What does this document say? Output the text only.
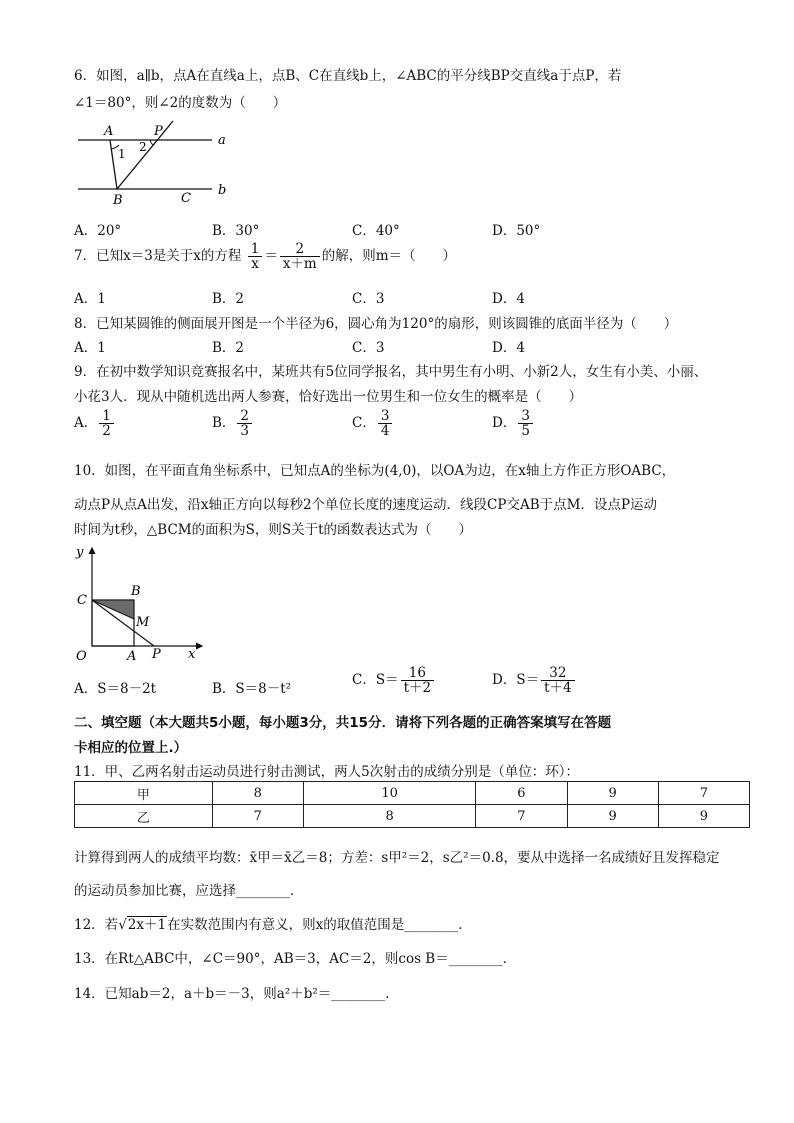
6．如图，a∥b，点A在直线a上，点B、C在直线b上，∠ABC的平分线BP交直线a于点P，若
∠1＝80°，则∠2的度数为（　　）
A	P
a
1 2
B	C
b
A．20°	B．30°	C．40°	D．50°
7．已知x＝3是关于x的方程 $\frac{1}{x} = \frac{2}{x+m}$ 的解，则m＝（　　）
A．1	B．2	C．3	D．4
8．已知某圆锥的侧面展开图是一个半径为6，圆心角为120°的扇形，则该圆锥的底面半径为（　　）
A．1	B．2	C．3	D．4
9．在初中数学知识竞赛报名中，某班共有5位同学报名，其中男生有小明、小新2人，女生有小美、小丽、
小花3人．现从中随机选出两人参赛，恰好选出一位男生和一位女生的概率是（　　）
A． $\frac{1}{2}$	B． $\frac{2}{3}$	C． $\frac{3}{4}$	D． $\frac{3}{5}$
10．如图，在平面直角坐标系中，已知点A的坐标为(4,0)，以OA为边，在x轴上方作正方形OABC，
动点P从点A出发，沿x轴正方向以每秒2个单位长度的速度运动．线段CP交AB于点M．设点P运动
时间为t秒，△BCM的面积为S，则S关于t的函数表达式为（　　）
y
x
O	A P
B
C
M
A．S＝8－2t	B．S＝8－t²
C．$S= \frac{16}{t+2}$	D．$S= \frac{32}{t+4}$
二、填空题（本大题共5小题，每小题3分，共15分．请将下列各题的正确答案填写在答题
卡相应的位置上.）
11．甲、乙两名射击运动员进行射击测试，两人5次射击的成绩分别是（单位：环）：
甲	8	10	6	9	7
乙	7	8	7	9	9
计算得到两人的成绩平均数：x̄甲＝x̄乙＝8；方差：s甲²＝2，s乙²＝0.8，要从中选择一名成绩好且发挥稳定
的运动员参加比赛，应选择________．
12．若√2x＋1在实数范围内有意义，则x的取值范围是________．
13．在Rt△ABC中，∠C＝90°，AB＝3，AC＝2，则cos B＝________．
14．已知ab＝2，a＋b＝－3，则a²＋b²＝________．
